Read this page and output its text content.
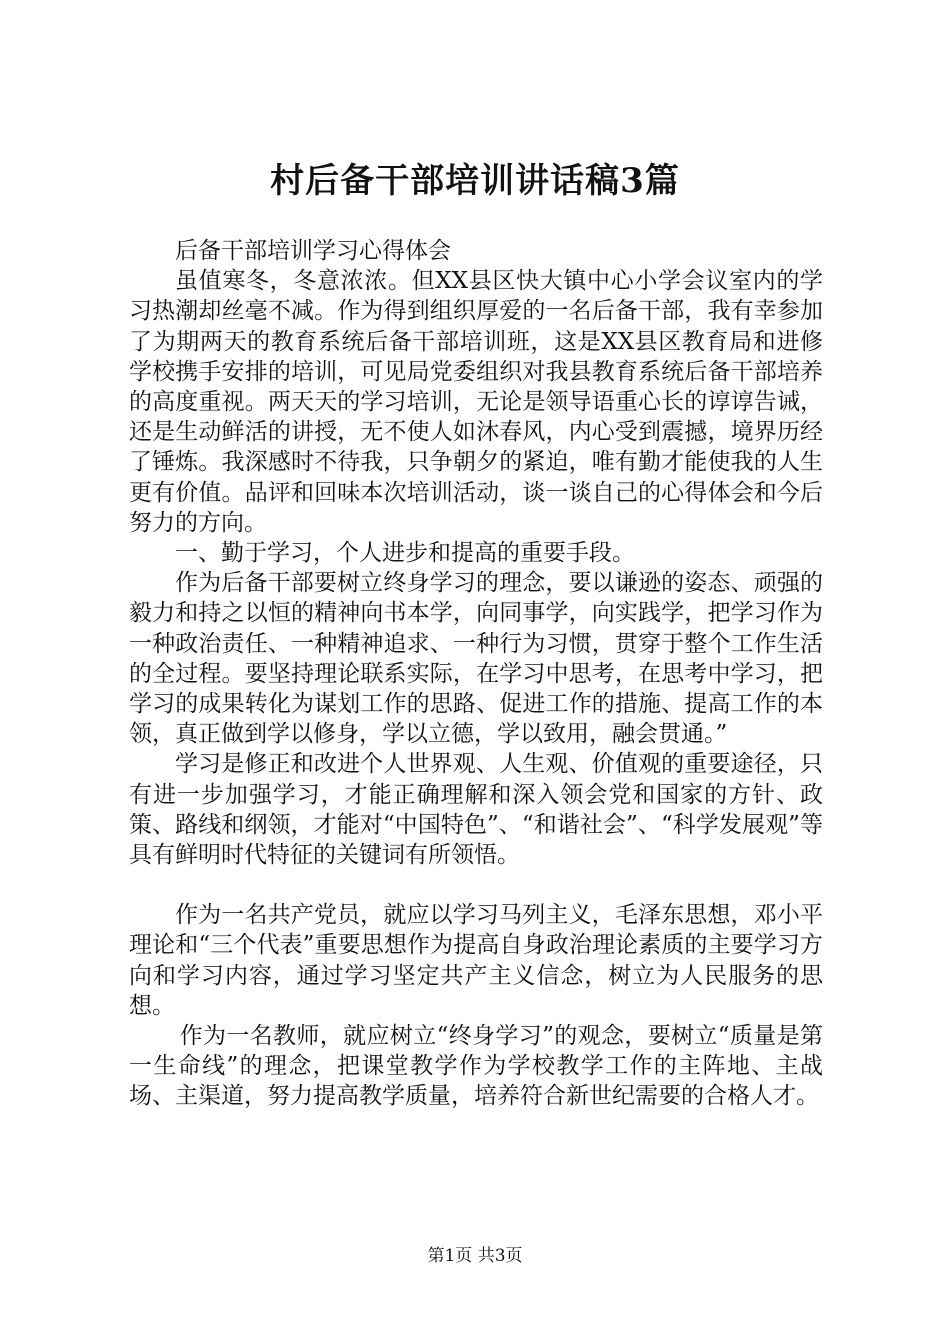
村后备干部培训讲话稿3篇

后备干部培训学习心得体会

虽值寒冬，冬意浓浓。但XX县区快大镇中心小学会议室内的学习热潮却丝毫不减。作为得到组织厚爱的一名后备干部，我有幸参加了为期两天的教育系统后备干部培训班，这是XX县区教育局和进修学校携手安排的培训，可见局党委组织对我县教育系统后备干部培养的高度重视。两天天的学习培训，无论是领导语重心长的谆谆告诫，还是生动鲜活的讲授，无不使人如沐春风，内心受到震撼，境界历经了锤炼。我深感时不待我，只争朝夕的紧迫，唯有勤才能使我的人生更有价值。品评和回味本次培训活动，谈一谈自己的心得体会和今后努力的方向。

一、勤于学习，个人进步和提高的重要手段。

作为后备干部要树立终身学习的理念，要以谦逊的姿态、顽强的毅力和持之以恒的精神向书本学，向同事学，向实践学，把学习作为一种政治责任、一种精神追求、一种行为习惯，贯穿于整个工作生活的全过程。要坚持理论联系实际，在学习中思考，在思考中学习，把学习的成果转化为谋划工作的思路、促进工作的措施、提高工作的本领，真正做到学以修身，学以立德，学以致用，融会贯通。”

学习是修正和改进个人世界观、人生观、价值观的重要途径，只有进一步加强学习，才能正确理解和深入领会党和国家的方针、政策、路线和纲领，才能对“中国特色”、“和谐社会”、“科学发展观”等具有鲜明时代特征的关键词有所领悟。

作为一名共产党员，就应以学习马列主义，毛泽东思想，邓小平理论和“三个代表”重要思想作为提高自身政治理论素质的主要学习方向和学习内容，通过学习坚定共产主义信念，树立为人民服务的思想。

作为一名教师，就应树立“终身学习”的观念，要树立“质量是第一生命线”的理念，把课堂教学作为学校教学工作的主阵地、主战场、主渠道，努力提高教学质量，培养符合新世纪需要的合格人才。

第1页 共3页
